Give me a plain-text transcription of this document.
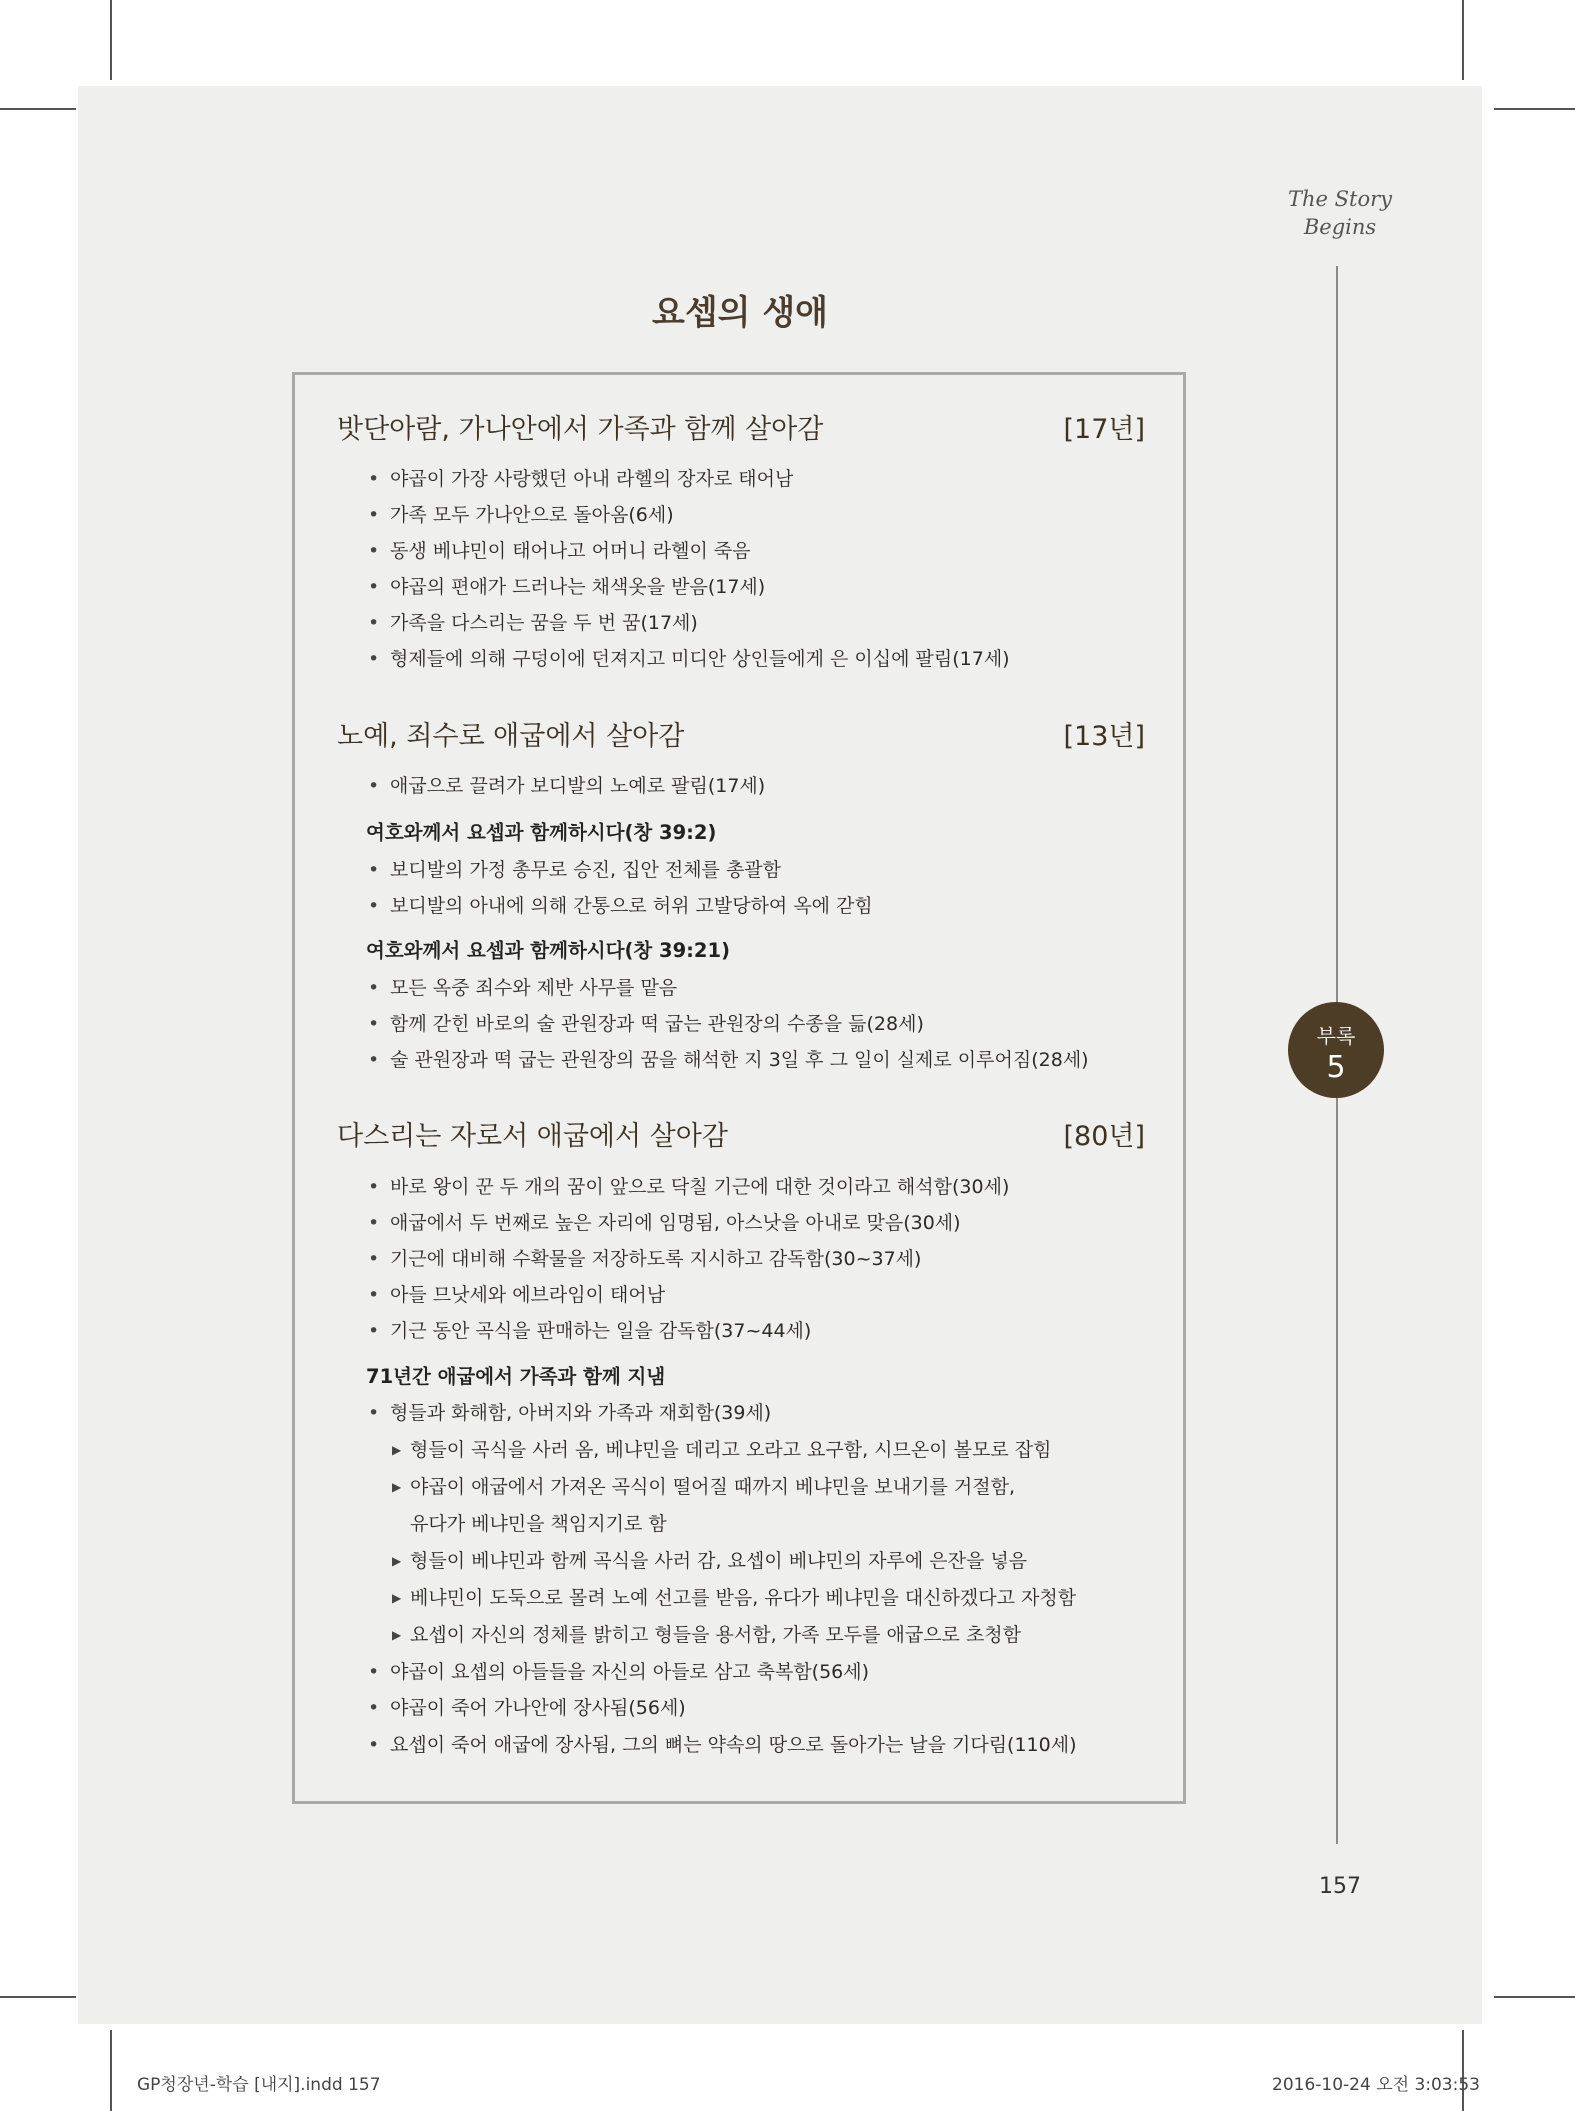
The Story
Begins
부록
5
요셉의 생애
밧단아람, 가나안에서 가족과 함께 살아감	[17년]
• 야곱이 가장 사랑했던 아내 라헬의 장자로 태어남
• 가족 모두 가나안으로 돌아옴(6세)
• 동생 베냐민이 태어나고 어머니 라헬이 죽음
• 야곱의 편애가 드러나는 채색옷을 받음(17세)
• 가족을 다스리는 꿈을 두 번 꿈(17세)
• 형제들에 의해 구덩이에 던져지고 미디안 상인들에게 은 이십에 팔림(17세)
노예, 죄수로 애굽에서 살아감	[13년]
• 애굽으로 끌려가 보디발의 노예로 팔림(17세)
여호와께서 요셉과 함께하시다(창 39:2)
• 보디발의 가정 총무로 승진, 집안 전체를 총괄함
• 보디발의 아내에 의해 간통으로 허위 고발당하여 옥에 갇힘
여호와께서 요셉과 함께하시다(창 39:21)
• 모든 옥중 죄수와 제반 사무를 맡음
• 함께 갇힌 바로의 술 관원장과 떡 굽는 관원장의 수종을 듦(28세)
• 술 관원장과 떡 굽는 관원장의 꿈을 해석한 지 3일 후 그 일이 실제로 이루어짐(28세)
다스리는 자로서 애굽에서 살아감	[80년]
• 바로 왕이 꾼 두 개의 꿈이 앞으로 닥칠 기근에 대한 것이라고 해석함(30세)
• 애굽에서 두 번째로 높은 자리에 임명됨, 아스낫을 아내로 맞음(30세)
• 기근에 대비해 수확물을 저장하도록 지시하고 감독함(30~37세)
• 아들 므낫세와 에브라임이 태어남
• 기근 동안 곡식을 판매하는 일을 감독함(37~44세)
71년간 애굽에서 가족과 함께 지냄
• 형들과 화해함, 아버지와 가족과 재회함(39세)
▶ 형들이 곡식을 사러 옴, 베냐민을 데리고 오라고 요구함, 시므온이 볼모로 잡힘
▶ 야곱이 애굽에서 가져온 곡식이 떨어질 때까지 베냐민을 보내기를 거절함,
유다가 베냐민을 책임지기로 함
▶ 형들이 베냐민과 함께 곡식을 사러 감, 요셉이 베냐민의 자루에 은잔을 넣음
▶ 베냐민이 도둑으로 몰려 노예 선고를 받음, 유다가 베냐민을 대신하겠다고 자청함
▶ 요셉이 자신의 정체를 밝히고 형들을 용서함, 가족 모두를 애굽으로 초청함
• 야곱이 요셉의 아들들을 자신의 아들로 삼고 축복함(56세)
• 야곱이 죽어 가나안에 장사됨(56세)
• 요셉이 죽어 애굽에 장사됨, 그의 뼈는 약속의 땅으로 돌아가는 날을 기다림(110세)
157
GP청장년-학습 [내지].indd 157	2016-10-24 오전 3:03:53
